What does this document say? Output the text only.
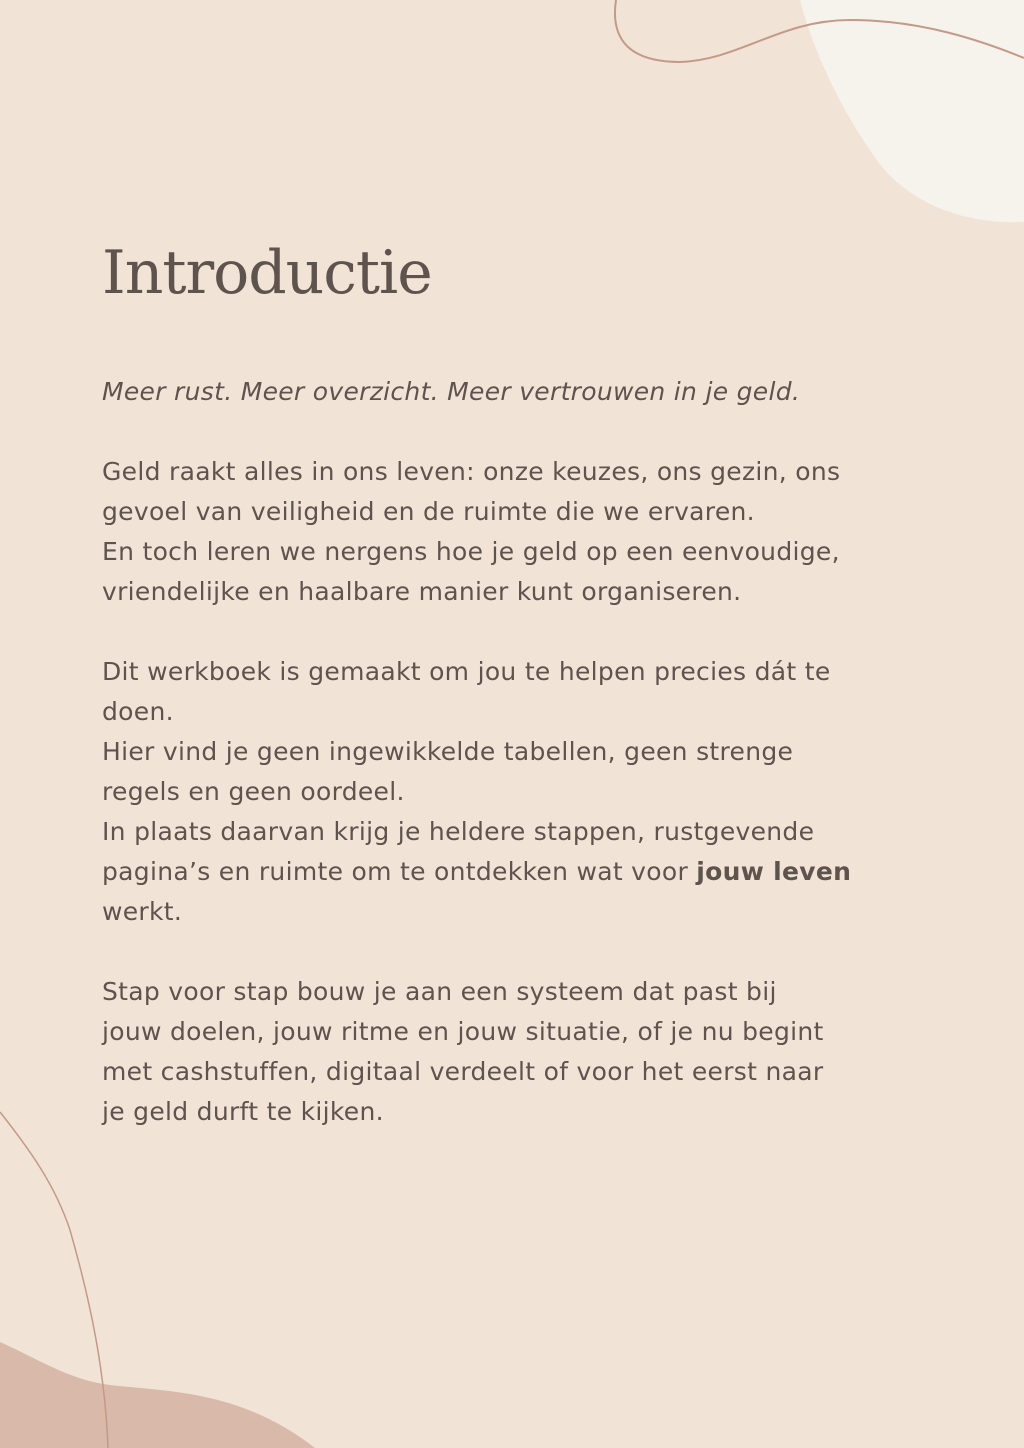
Introductie

Meer rust. Meer overzicht. Meer vertrouwen in je geld.

Geld raakt alles in ons leven: onze keuzes, ons gezin, ons
gevoel van veiligheid en de ruimte die we ervaren.
En toch leren we nergens hoe je geld op een eenvoudige,
vriendelijke en haalbare manier kunt organiseren.

Dit werkboek is gemaakt om jou te helpen precies dát te
doen.
Hier vind je geen ingewikkelde tabellen, geen strenge
regels en geen oordeel.
In plaats daarvan krijg je heldere stappen, rustgevende
pagina’s en ruimte om te ontdekken wat voor jouw leven
werkt.

Stap voor stap bouw je aan een systeem dat past bij
jouw doelen, jouw ritme en jouw situatie, of je nu begint
met cashstuffen, digitaal verdeelt of voor het eerst naar
je geld durft te kijken.
